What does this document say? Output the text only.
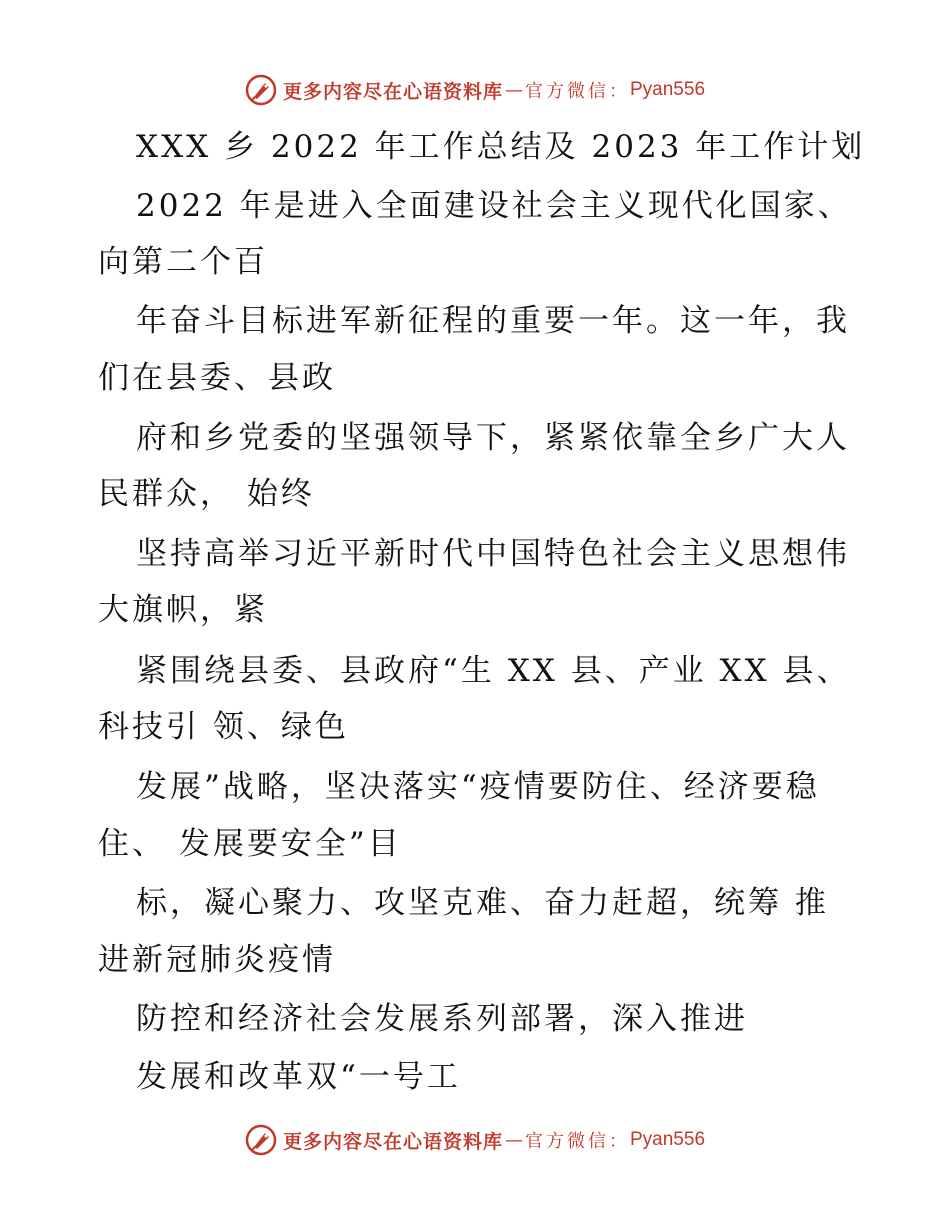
更多内容尽在心语资料库 — 官方微信： Pyan556
XXX 乡 2022 年工作总结及 2023 年工作计划
2022 年是进入全面建设社会主义现代化国家、
向第二个百
年奋斗目标进军新征程的重要一年。这一年，我
们在县委、县政
府和乡党委的坚强领导下，紧紧依靠全乡广大人
民群众， 始终
坚持高举习近平新时代中国特色社会主义思想伟
大旗帜，紧
紧围绕县委、县政府“生 XX 县、产业 XX 县、
科技引 领、绿色
发展”战略，坚决落实“疫情要防住、经济要稳
住、 发展要安全”目
标，凝心聚力、攻坚克难、奋力赶超，统筹 推
进新冠肺炎疫情
防控和经济社会发展系列部署，深入推进
发展和改革双“一号工
更多内容尽在心语资料库 — 官方微信： Pyan556
